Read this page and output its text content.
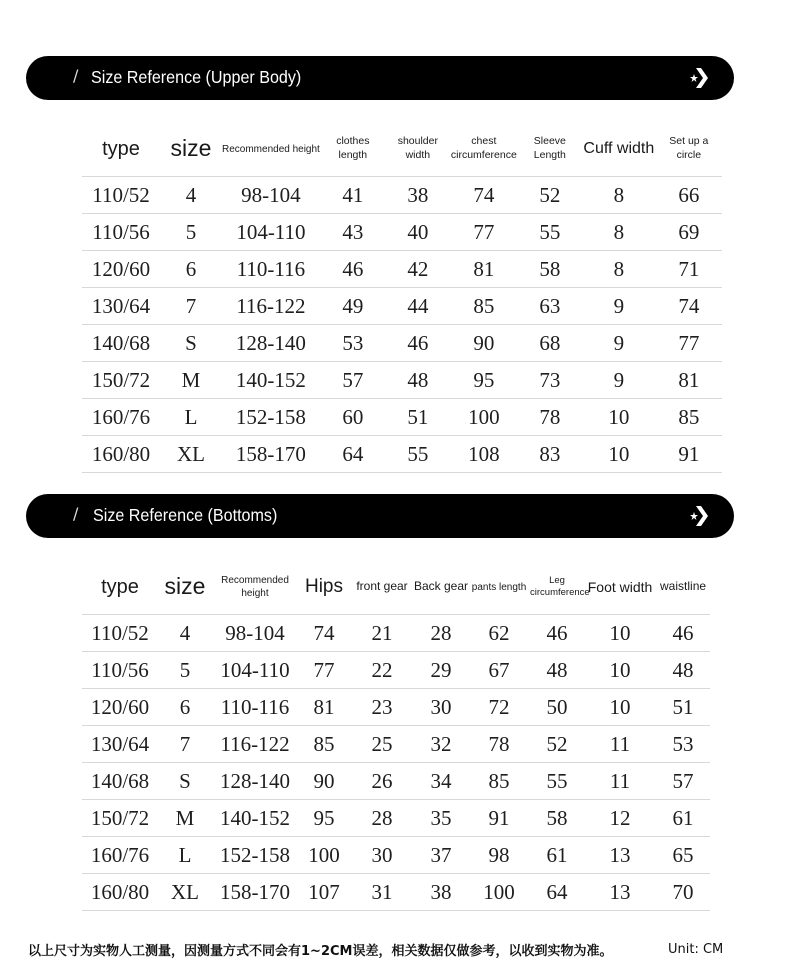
/ Size Reference (Upper Body)
type	size	Recommended height	clothes length	shoulder width	chest circumference	Sleeve Length	Cuff width	Set up a circle
110/52	4	98-104	41	38	74	52	8	66
110/56	5	104-110	43	40	77	55	8	69
120/60	6	110-116	46	42	81	58	8	71
130/64	7	116-122	49	44	85	63	9	74
140/68	S	128-140	53	46	90	68	9	77
150/72	M	140-152	57	48	95	73	9	81
160/76	L	152-158	60	51	100	78	10	85
160/80	XL	158-170	64	55	108	83	10	91
/ Size Reference (Bottoms)
type	size	Recommended height	Hips	front gear	Back gear	pants length	Leg circumference	Foot width	waistline
110/52	4	98-104	74	21	28	62	46	10	46
110/56	5	104-110	77	22	29	67	48	10	48
120/60	6	110-116	81	23	30	72	50	10	51
130/64	7	116-122	85	25	32	78	52	11	53
140/68	S	128-140	90	26	34	85	55	11	57
150/72	M	140-152	95	28	35	91	58	12	61
160/76	L	152-158	100	30	37	98	61	13	65
160/80	XL	158-170	107	31	38	100	64	13	70
以上尺寸为实物人工测量，因测量方式不同会有1~2CM误差，相关数据仅做参考，以收到实物为准。	Unit: CM
